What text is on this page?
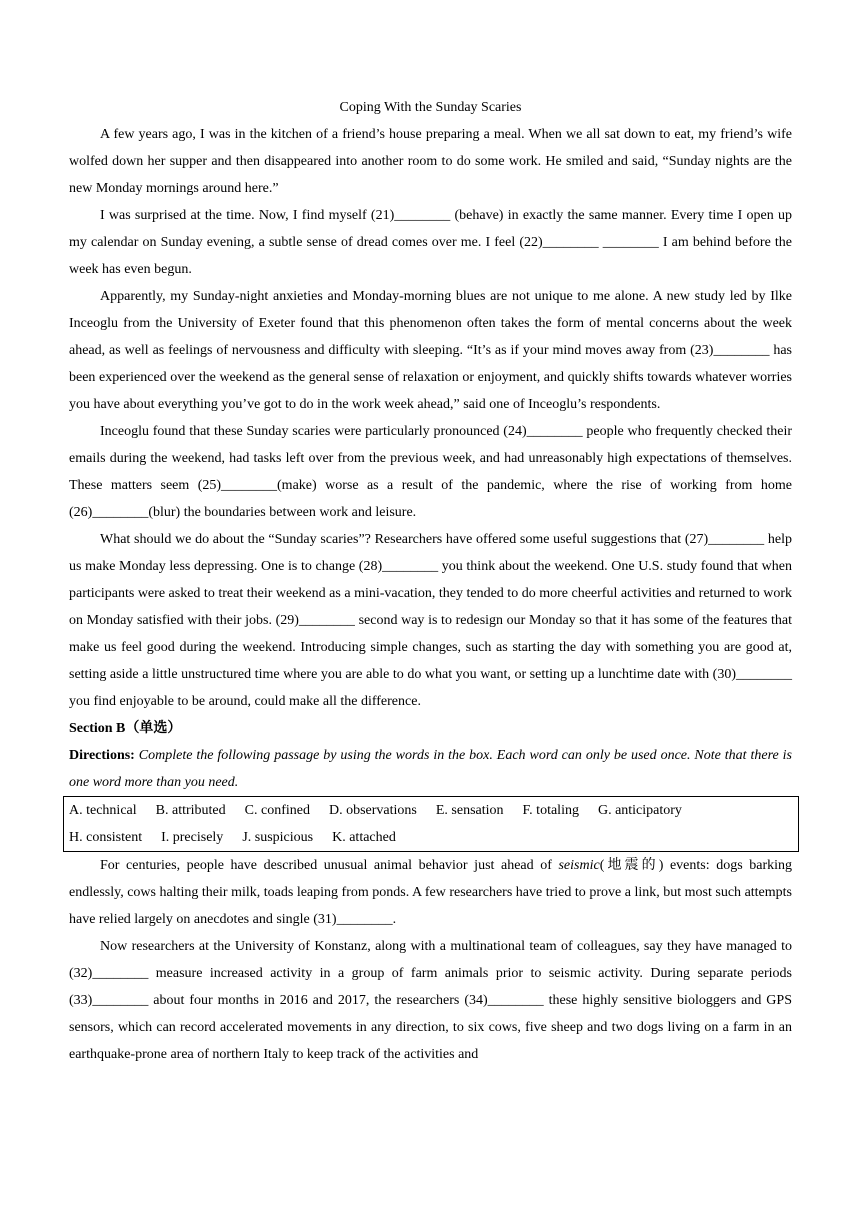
Coping With the Sunday Scaries

A few years ago, I was in the kitchen of a friend’s house preparing a meal. When we all sat down to eat, my friend’s wife wolfed down her supper and then disappeared into another room to do some work. He smiled and said, “Sunday nights are the new Monday mornings around here.”

I was surprised at the time. Now, I find myself (21)________ (behave) in exactly the same manner. Every time I open up my calendar on Sunday evening, a subtle sense of dread comes over me. I feel (22)________ ________ I am behind before the week has even begun.

Apparently, my Sunday-night anxieties and Monday-morning blues are not unique to me alone. A new study led by Ilke Inceoglu from the University of Exeter found that this phenomenon often takes the form of mental concerns about the week ahead, as well as feelings of nervousness and difficulty with sleeping. “It’s as if your mind moves away from (23)________ has been experienced over the weekend as the general sense of relaxation or enjoyment, and quickly shifts towards whatever worries you have about everything you’ve got to do in the work week ahead,” said one of Inceoglu’s respondents.

Inceoglu found that these Sunday scaries were particularly pronounced (24)________ people who frequently checked their emails during the weekend, had tasks left over from the previous week, and had unreasonably high expectations of themselves. These matters seem (25)________(make) worse as a result of the pandemic, where the rise of working from home (26)________(blur) the boundaries between work and leisure.

What should we do about the “Sunday scaries”? Researchers have offered some useful suggestions that (27)________ help us make Monday less depressing. One is to change (28)________ you think about the weekend. One U.S. study found that when participants were asked to treat their weekend as a mini-vacation, they tended to do more cheerful activities and returned to work on Monday satisfied with their jobs. (29)________ second way is to redesign our Monday so that it has some of the features that make us feel good during the weekend. Introducing simple changes, such as starting the day with something you are good at, setting aside a little unstructured time where you are able to do what you want, or setting up a lunchtime date with (30)________ you find enjoyable to be around, could make all the difference.

Section B（单选）

Directions: Complete the following passage by using the words in the box. Each word can only be used once. Note that there is one word more than you need.

A. technical B. attributed C. confined D. observations E. sensation F. totaling G. anticipatory
H. consistent I. precisely J. suspicious K. attached

For centuries, people have described unusual animal behavior just ahead of seismic(地震的) events: dogs barking endlessly, cows halting their milk, toads leaping from ponds. A few researchers have tried to prove a link, but most such attempts have relied largely on anecdotes and single (31)________.

Now researchers at the University of Konstanz, along with a multinational team of colleagues, say they have managed to (32)________ measure increased activity in a group of farm animals prior to seismic activity. During separate periods (33)________ about four months in 2016 and 2017, the researchers (34)________ these highly sensitive biologgers and GPS sensors, which can record accelerated movements in any direction, to six cows, five sheep and two dogs living on a farm in an earthquake-prone area of northern Italy to keep track of the activities and
